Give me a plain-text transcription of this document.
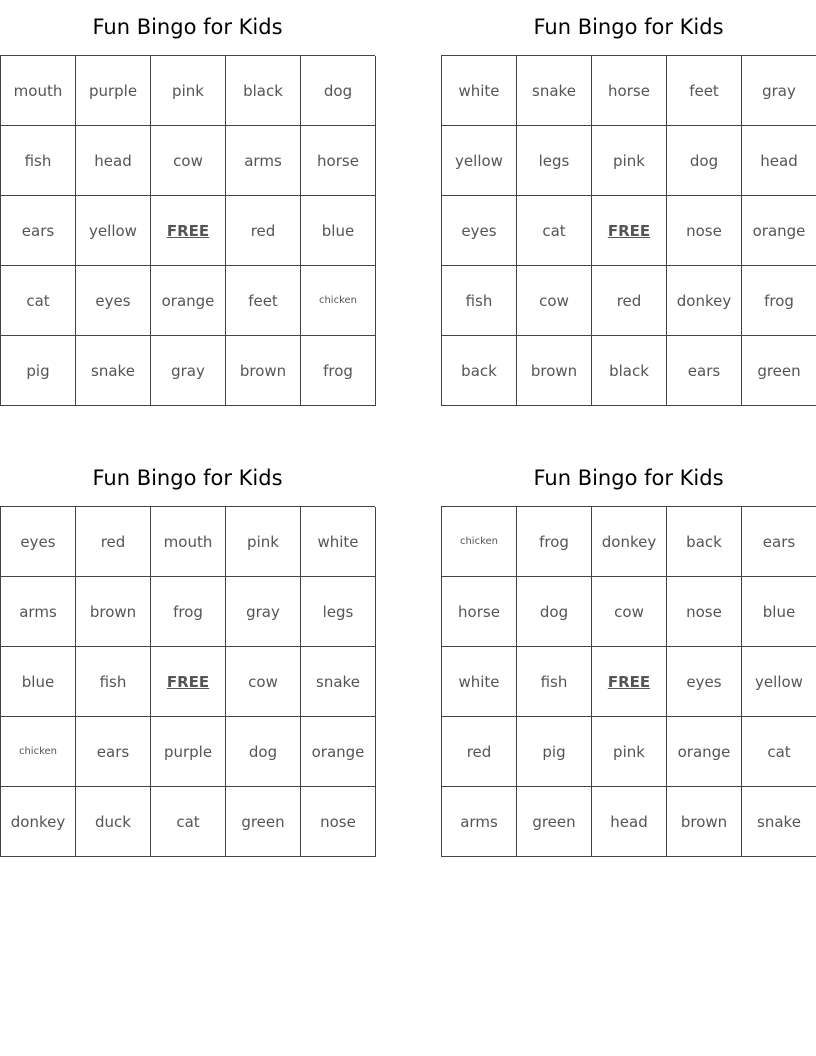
Fun Bingo for Kids
mouth	purple	pink	black	dog
fish	head	cow	arms	horse
ears	yellow	FREE	red	blue
cat	eyes	orange	feet	chicken
pig	snake	gray	brown	frog
Fun Bingo for Kids
white	snake	horse	feet	gray
yellow	legs	pink	dog	head
eyes	cat	FREE	nose	orange
fish	cow	red	donkey	frog
back	brown	black	ears	green
Fun Bingo for Kids
eyes	red	mouth	pink	white
arms	brown	frog	gray	legs
blue	fish	FREE	cow	snake
chicken	ears	purple	dog	orange
donkey	duck	cat	green	nose
Fun Bingo for Kids
chicken	frog	donkey	back	ears
horse	dog	cow	nose	blue
white	fish	FREE	eyes	yellow
red	pig	pink	orange	cat
arms	green	head	brown	snake
